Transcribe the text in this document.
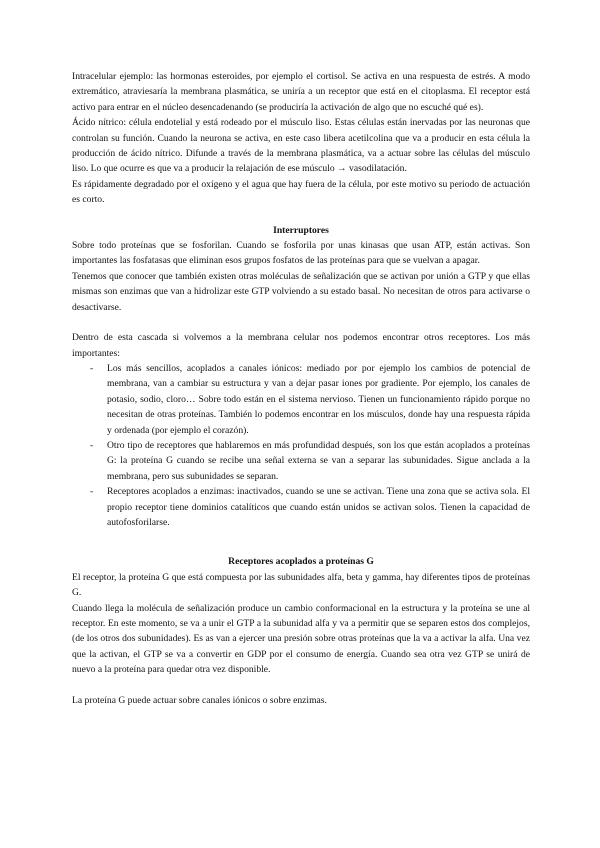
Intracelular ejemplo: las hormonas esteroides, por ejemplo el cortisol. Se activa en una respuesta de estrés. A modo extremático, atraviesaría la membrana plasmática, se uniría a un receptor que está en el citoplasma. El receptor está activo para entrar en el núcleo desencadenando (se produciría la activación de algo que no escuché qué es).

Ácido nítrico: célula endotelial y está rodeado por el músculo liso. Estas células están inervadas por las neuronas que controlan su función. Cuando la neurona se activa, en este caso libera acetilcolina que va a producir en esta célula la producción de ácido nítrico. Difunde a través de la membrana plasmática, va a actuar sobre las células del músculo liso. Lo que ocurre es que va a producir la relajación de ese músculo → vasodilatación.

Es rápidamente degradado por el oxígeno y el agua que hay fuera de la célula, por este motivo su periodo de actuación es corto.

Interruptores

Sobre todo proteínas que se fosforilan. Cuando se fosforila por unas kinasas que usan ATP, están activas. Son importantes las fosfatasas que eliminan esos grupos fosfatos de las proteínas para que se vuelvan a apagar.

Tenemos que conocer que también existen otras moléculas de señalización que se activan por unión a GTP y que ellas mismas son enzimas que van a hidrolizar este GTP volviendo a su estado basal. No necesitan de otros para activarse o desactivarse.

Dentro de esta cascada si volvemos a la membrana celular nos podemos encontrar otros receptores. Los más importantes:

- Los más sencillos, acoplados a canales iónicos: mediado por por ejemplo los cambios de potencial de membrana, van a cambiar su estructura y van a dejar pasar iones por gradiente. Por ejemplo, los canales de potasio, sodio, cloro… Sobre todo están en el sistema nervioso. Tienen un funcionamiento rápido porque no necesitan de otras proteínas. También lo podemos encontrar en los músculos, donde hay una respuesta rápida y ordenada (por ejemplo el corazón).
- Otro tipo de receptores que hablaremos en más profundidad después, son los que están acoplados a proteínas G: la proteína G cuando se recibe una señal externa se van a separar las subunidades. Sigue anclada a la membrana, pero sus subunidades se separan.
- Receptores acoplados a enzimas: inactivados, cuando se une se activan. Tiene una zona que se activa sola. El propio receptor tiene dominios catalíticos que cuando están unidos se activan solos. Tienen la capacidad de autofosforilarse.

Receptores acoplados a proteínas G

El receptor, la proteína G que está compuesta por las subunidades alfa, beta y gamma, hay diferentes tipos de proteínas G.

Cuando llega la molécula de señalización produce un cambio conformacional en la estructura y la proteína se une al receptor. En este momento, se va a unir el GTP a la subunidad alfa y va a permitir que se separen estos dos complejos, (de los otros dos subunidades). Es as van a ejercer una presión sobre otras proteínas que la va a activar la alfa. Una vez que la activan, el GTP se va a convertir en GDP por el consumo de energía. Cuando sea otra vez GTP se unirá de nuevo a la proteína para quedar otra vez disponible.

La proteína G puede actuar sobre canales iónicos o sobre enzimas.
